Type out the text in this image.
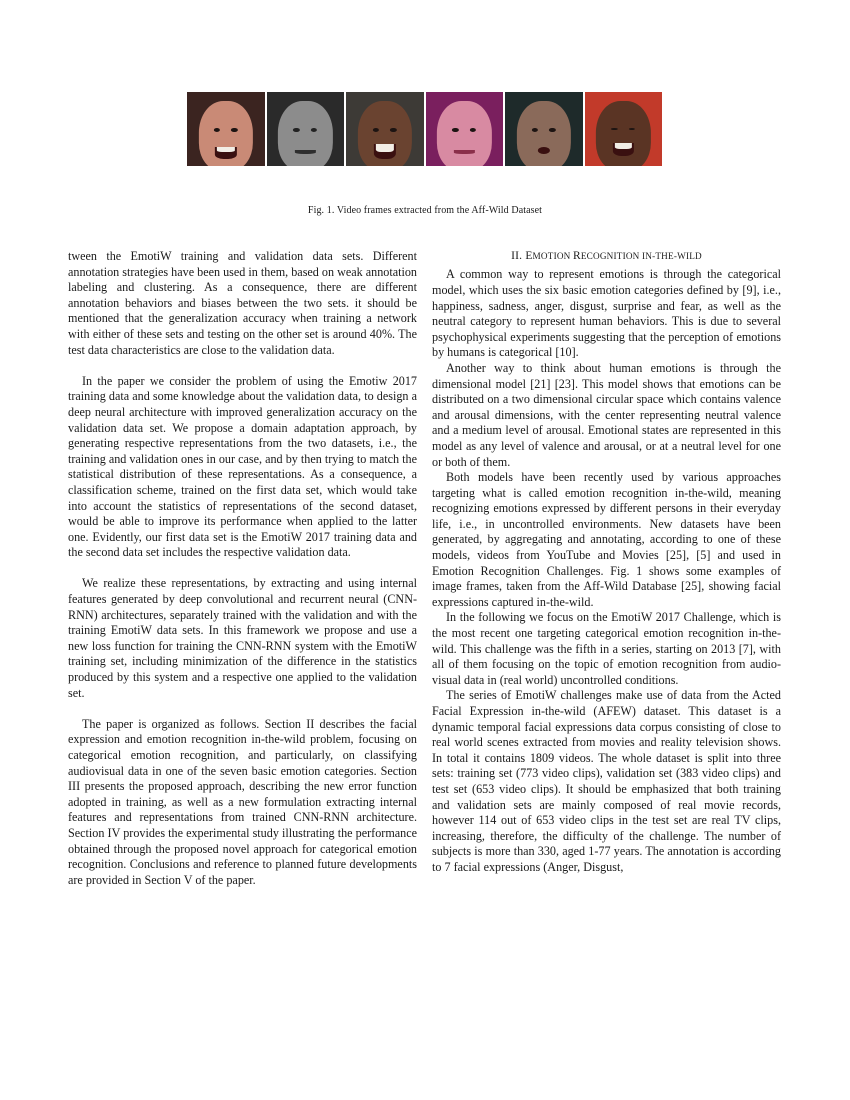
Fig. 1. Video frames extracted from the Aff-Wild Dataset

tween the EmotiW training and validation data sets. Different annotation strategies have been used in them, based on weak annotation labeling and clustering. As a consequence, there are different annotation behaviors and biases between the two sets. it should be mentioned that the generalization accuracy when training a network with either of these sets and testing on the other set is around 40%. The test data characteristics are close to the validation data.

In the paper we consider the problem of using the Emotiw 2017 training data and some knowledge about the validation data, to design a deep neural architecture with improved generalization accuracy on the validation data set. We propose a domain adaptation approach, by generating respective representations from the two datasets, i.e., the training and validation ones in our case, and by then trying to match the statistical distribution of these representations. As a consequence, a classification scheme, trained on the first data set, which would take into account the statistics of representations of the second dataset, would be able to improve its performance when applied to the latter one. Evidently, our first data set is the EmotiW 2017 training data and the second data set includes the respective validation data.

We realize these representations, by extracting and using internal features generated by deep convolutional and recurrent neural (CNN-RNN) architectures, separately trained with the validation and with the training EmotiW data sets. In this framework we propose and use a new loss function for training the CNN-RNN system with the EmotiW training set, including minimization of the difference in the statistics produced by this system and a respective one applied to the validation set.

The paper is organized as follows. Section II describes the facial expression and emotion recognition in-the-wild problem, focusing on categorical emotion recognition, and particularly, on classifying audiovisual data in one of the seven basic emotion categories. Section III presents the proposed approach, describing the new error function adopted in training, as well as a new formulation extracting internal features and representations from trained CNN-RNN architecture. Section IV provides the experimental study illustrating the performance obtained through the proposed novel approach for categorical emotion recognition. Conclusions and reference to planned future developments are provided in Section V of the paper.

II. EMOTION RECOGNITION IN-THE-WILD

A common way to represent emotions is through the categorical model, which uses the six basic emotion categories defined by [9], i.e., happiness, sadness, anger, disgust, surprise and fear, as well as the neutral category to represent human behaviors. This is due to several psychophysical experiments suggesting that the perception of emotions by humans is categorical [10].

Another way to think about human emotions is through the dimensional model [21] [23]. This model shows that emotions can be distributed on a two dimensional circular space which contains valence and arousal dimensions, with the center representing neutral valence and a medium level of arousal. Emotional states are represented in this model as any level of valence and arousal, or at a neutral level for one or both of them.

Both models have been recently used by various approaches targeting what is called emotion recognition in-the-wild, meaning recognizing emotions expressed by different persons in their everyday life, i.e., in uncontrolled environments. New datasets have been generated, by aggregating and annotating, according to one of these models, videos from YouTube and Movies [25], [5] and used in Emotion Recognition Challenges. Fig. 1 shows some examples of image frames, taken from the Aff-Wild Database [25], showing facial expressions captured in-the-wild.

In the following we focus on the EmotiW 2017 Challenge, which is the most recent one targeting categorical emotion recognition in-the-wild. This challenge was the fifth in a series, starting on 2013 [7], with all of them focusing on the topic of emotion recognition from audio-visual data in (real world) uncontrolled conditions.

The series of EmotiW challenges make use of data from the Acted Facial Expression in-the-wild (AFEW) dataset. This dataset is a dynamic temporal facial expressions data corpus consisting of close to real world scenes extracted from movies and reality television shows. In total it contains 1809 videos. The whole dataset is split into three sets: training set (773 video clips), validation set (383 video clips) and test set (653 video clips). It should be emphasized that both training and validation sets are mainly composed of real movie records, however 114 out of 653 video clips in the test set are real TV clips, increasing, therefore, the difficulty of the challenge. The number of subjects is more than 330, aged 1-77 years. The annotation is according to 7 facial expressions (Anger, Disgust,
